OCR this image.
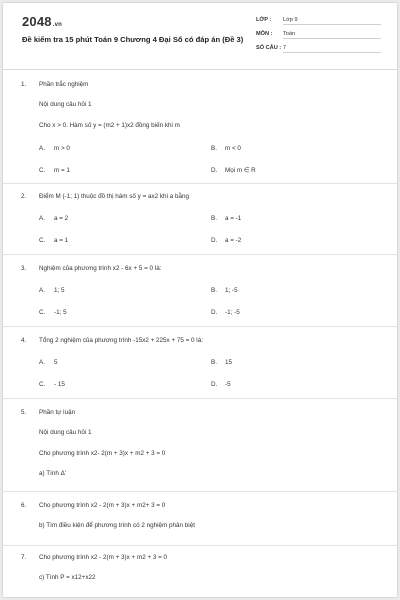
2048.vn
Đề kiểm tra 15 phút Toán 9 Chương 4 Đại Số có đáp án (Đề 3)
LỚP : Lớp 9
MÔN : Toán
SỐ CÂU : 7
1. Phần trắc nghiệm
Nội dung câu hỏi 1
Cho x > 0. Hàm số y = (m2 + 1)x2 đồng biến khi m
A. m > 0	B. m < 0
C. m = 1	D. Mọi m ∈ R
2. Điểm M (-1; 1) thuộc đồ thị hàm số y = ax2 khi a bằng
A. a = 2	B. a = -1
C. a = 1	D. a = -2
3. Nghiệm của phương trình x2 - 6x + 5 = 0 là:
A. 1; 5	B. 1; -5
C. -1; 5	D. -1; -5
4. Tổng 2 nghiệm của phương trình -15x2 + 225x + 75 = 0 là:
A. 5	B. 15
C. - 15	D. -5
5. Phần tự luận
Nội dung câu hỏi 1
Cho phương trình x2- 2(m + 3)x + m2 + 3 = 0
a) Tính Δ'
6. Cho phương trình x2 - 2(m + 3)x + m2+ 3 = 0
b) Tìm điều kiện để phương trình có 2 nghiệm phân biệt
7. Cho phương trình x2 - 2(m + 3)x + m2 + 3 = 0
c) Tính P = x12+x22
